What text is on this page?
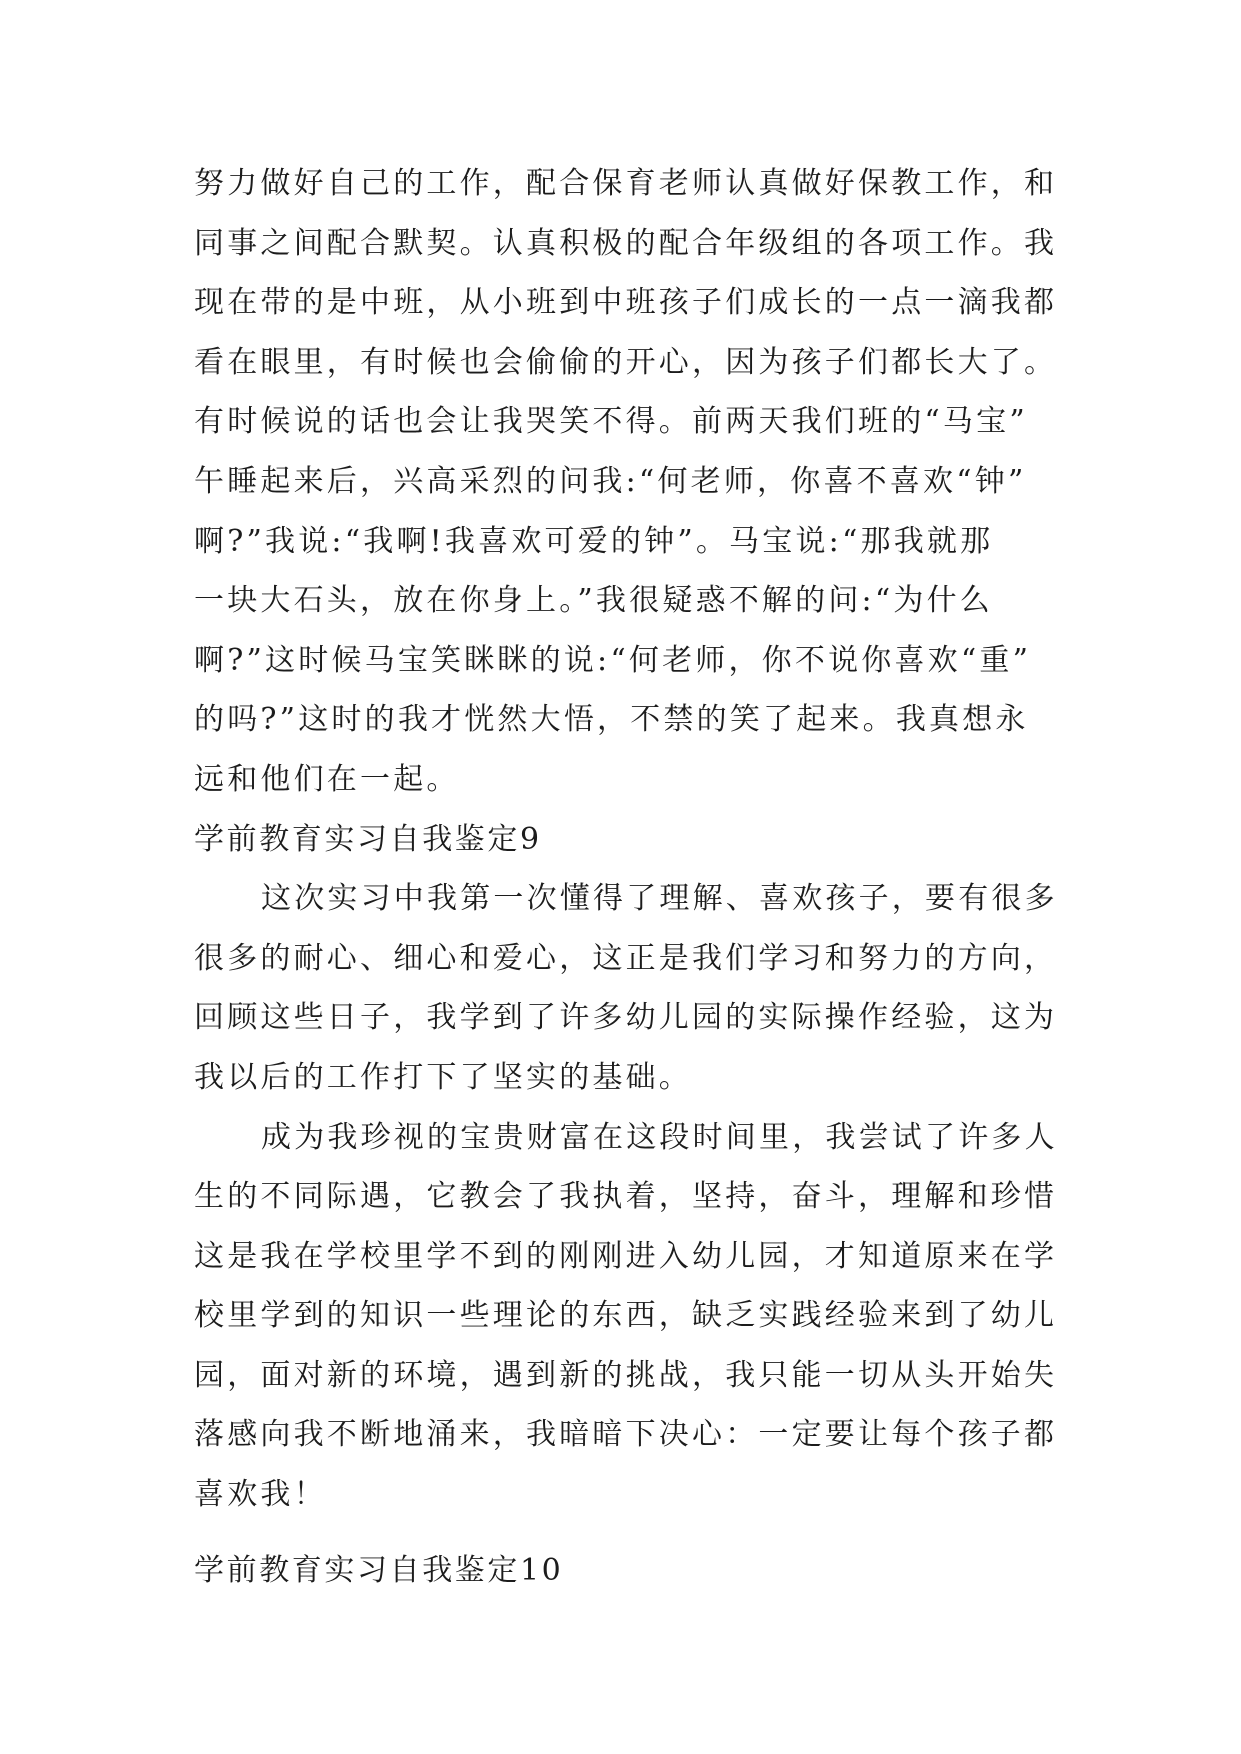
努力做好自己的工作，配合保育老师认真做好保教工作，和
同事之间配合默契。认真积极的配合年级组的各项工作。我
现在带的是中班，从小班到中班孩子们成长的一点一滴我都
看在眼里，有时候也会偷偷的开心，因为孩子们都长大了。
有时候说的话也会让我哭笑不得。前两天我们班的“马宝”
午睡起来后，兴高采烈的问我:“何老师，你喜不喜欢“钟”
啊?”我说:“我啊!我喜欢可爱的钟”。马宝说:“那我就那
一块大石头，放在你身上。”我很疑惑不解的问:“为什么
啊?”这时候马宝笑眯眯的说:“何老师，你不说你喜欢“重”
的吗?”这时的我才恍然大悟，不禁的笑了起来。我真想永
远和他们在一起。
学前教育实习自我鉴定9
这次实习中我第一次懂得了理解、喜欢孩子，要有很多
很多的耐心、细心和爱心，这正是我们学习和努力的方向，
回顾这些日子，我学到了许多幼儿园的实际操作经验，这为
我以后的工作打下了坚实的基础。
成为我珍视的宝贵财富在这段时间里，我尝试了许多人
生的不同际遇，它教会了我执着，坚持，奋斗，理解和珍惜
这是我在学校里学不到的刚刚进入幼儿园，才知道原来在学
校里学到的知识一些理论的东西，缺乏实践经验来到了幼儿
园，面对新的环境，遇到新的挑战，我只能一切从头开始失
落感向我不断地涌来，我暗暗下决心：一定要让每个孩子都
喜欢我！
学前教育实习自我鉴定10
